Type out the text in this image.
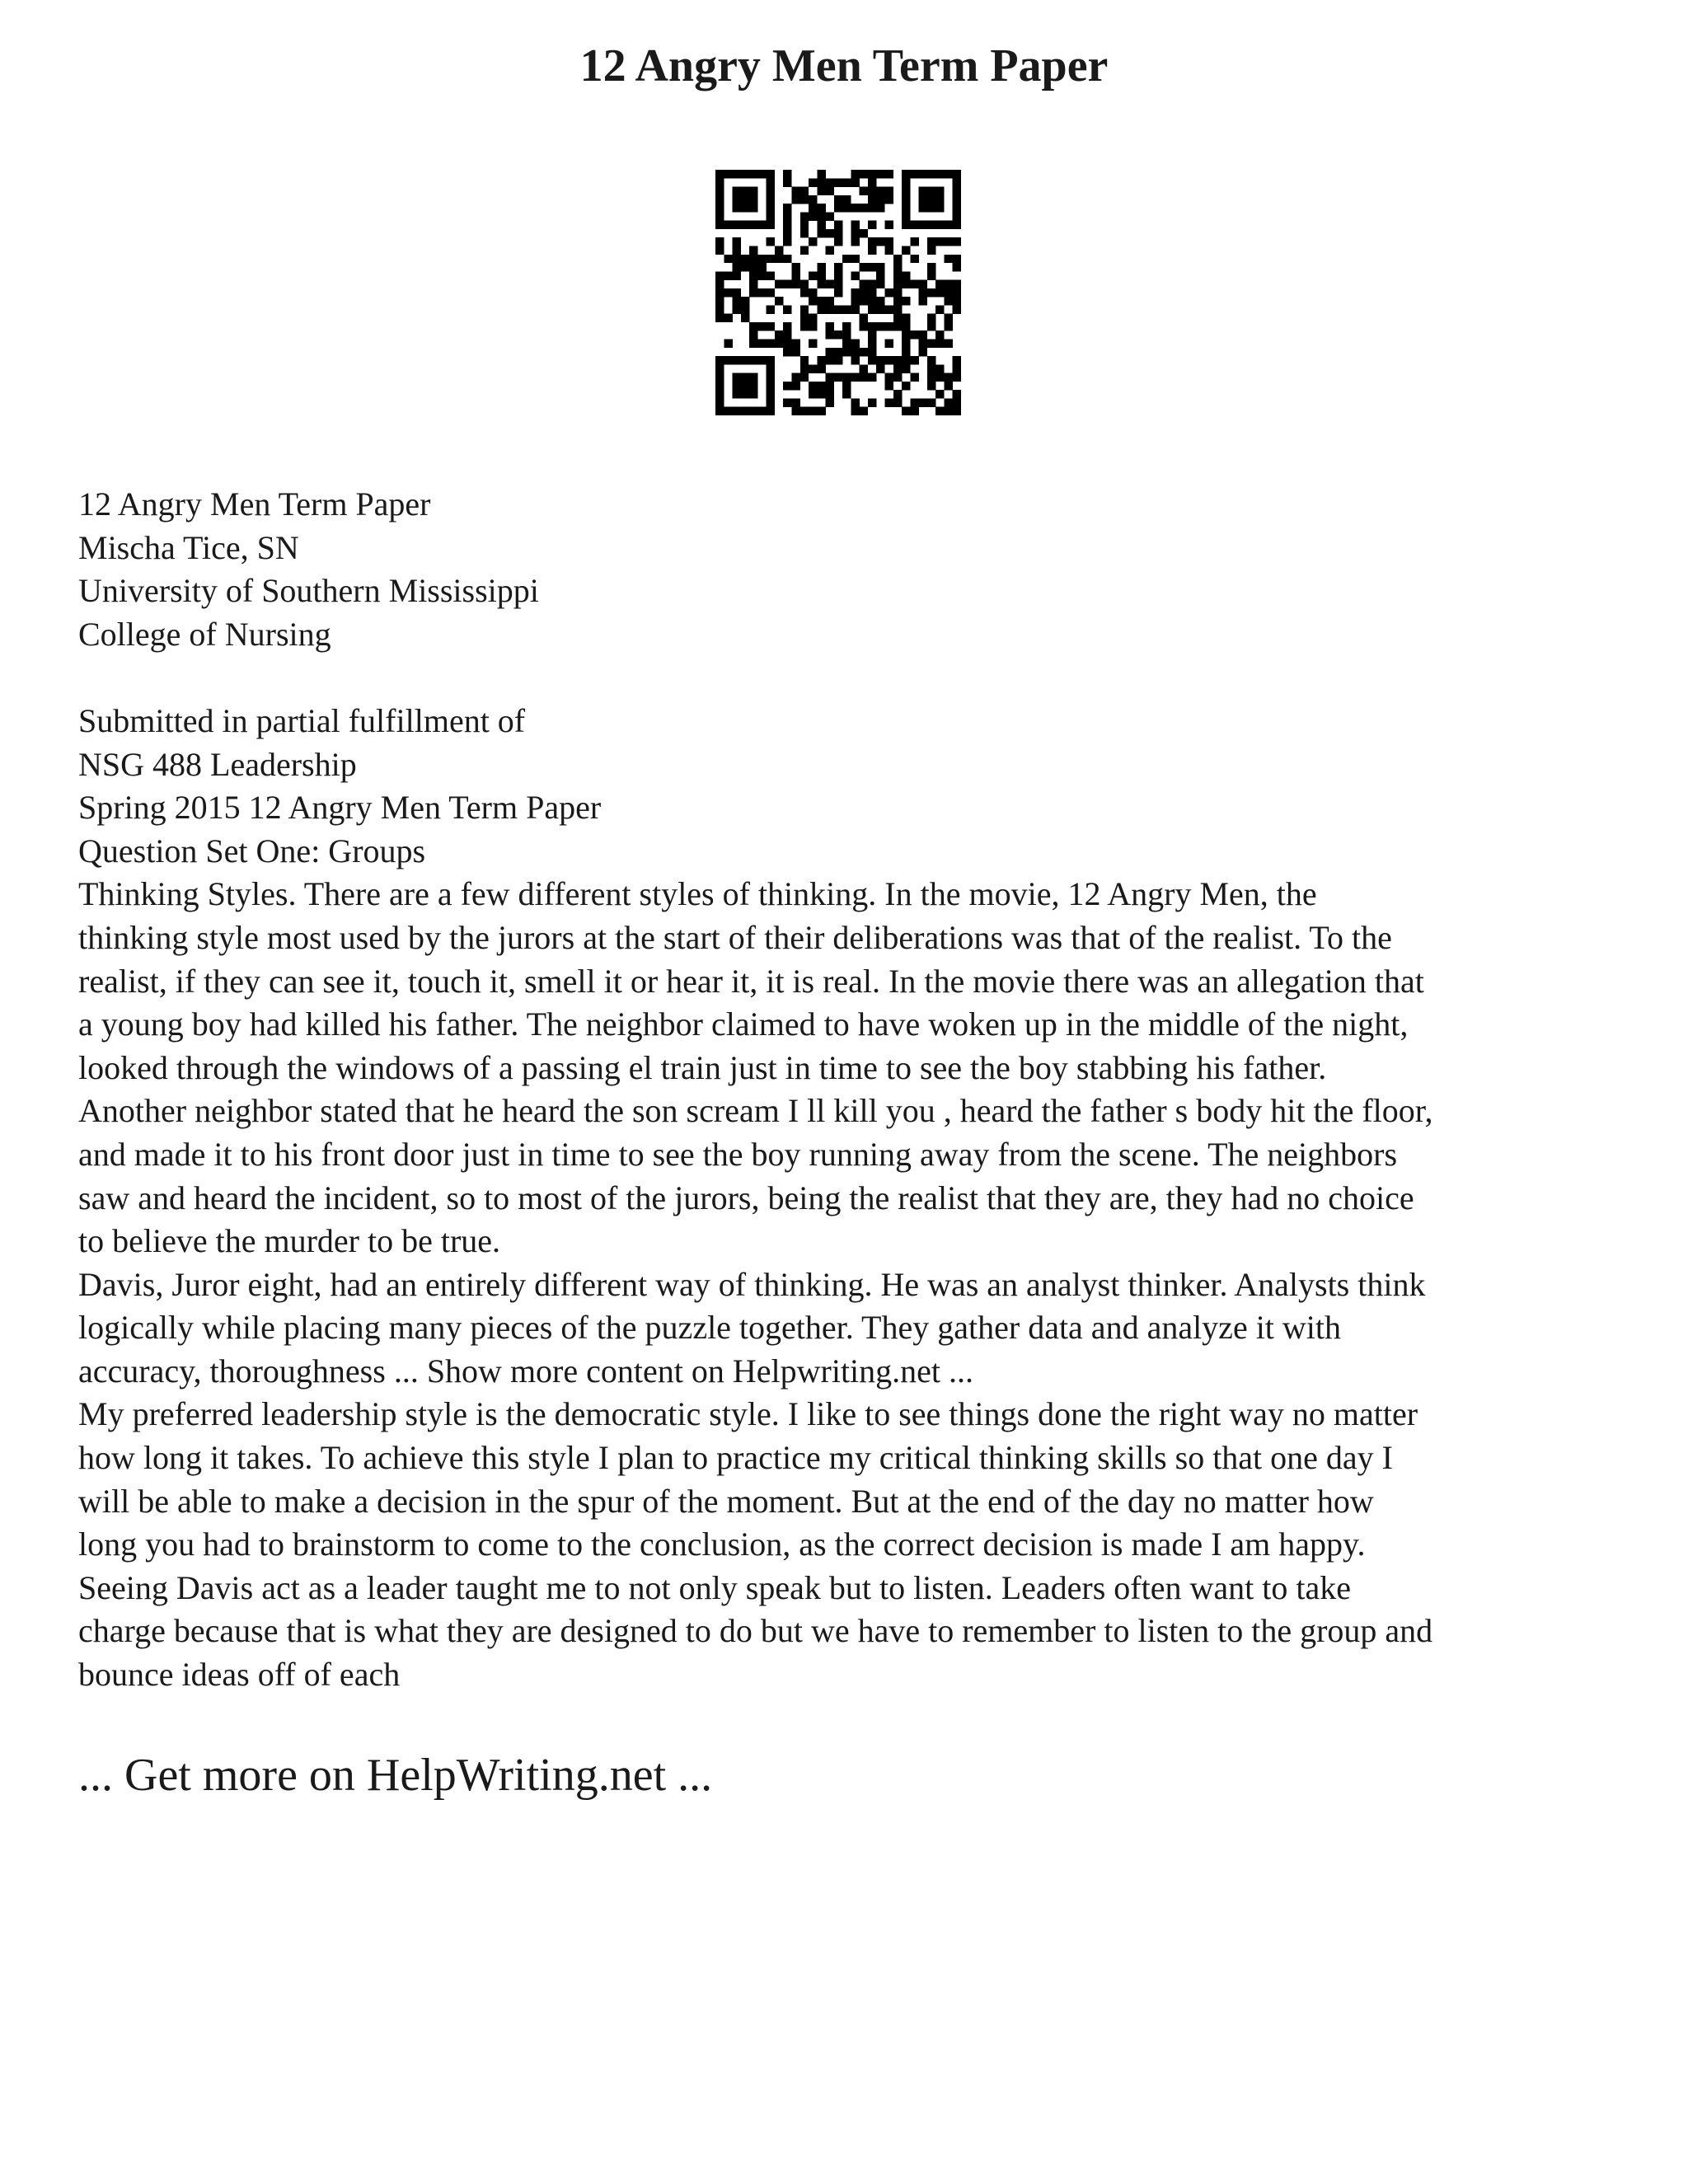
12 Angry Men Term Paper
12 Angry Men Term Paper
Mischa Tice, SN
University of Southern Mississippi
College of Nursing
Submitted in partial fulfillment of
NSG 488 Leadership
Spring 2015 12 Angry Men Term Paper
Question Set One: Groups
Thinking Styles. There are a few different styles of thinking. In the movie, 12 Angry Men, the
thinking style most used by the jurors at the start of their deliberations was that of the realist. To the
realist, if they can see it, touch it, smell it or hear it, it is real. In the movie there was an allegation that
a young boy had killed his father. The neighbor claimed to have woken up in the middle of the night,
looked through the windows of a passing el train just in time to see the boy stabbing his father.
Another neighbor stated that he heard the son scream I ll kill you , heard the father s body hit the floor,
and made it to his front door just in time to see the boy running away from the scene. The neighbors
saw and heard the incident, so to most of the jurors, being the realist that they are, they had no choice
to believe the murder to be true.
Davis, Juror eight, had an entirely different way of thinking. He was an analyst thinker. Analysts think
logically while placing many pieces of the puzzle together. They gather data and analyze it with
accuracy, thoroughness ... Show more content on Helpwriting.net ...
My preferred leadership style is the democratic style. I like to see things done the right way no matter
how long it takes. To achieve this style I plan to practice my critical thinking skills so that one day I
will be able to make a decision in the spur of the moment. But at the end of the day no matter how
long you had to brainstorm to come to the conclusion, as the correct decision is made I am happy.
Seeing Davis act as a leader taught me to not only speak but to listen. Leaders often want to take
charge because that is what they are designed to do but we have to remember to listen to the group and
bounce ideas off of each
... Get more on HelpWriting.net ...
